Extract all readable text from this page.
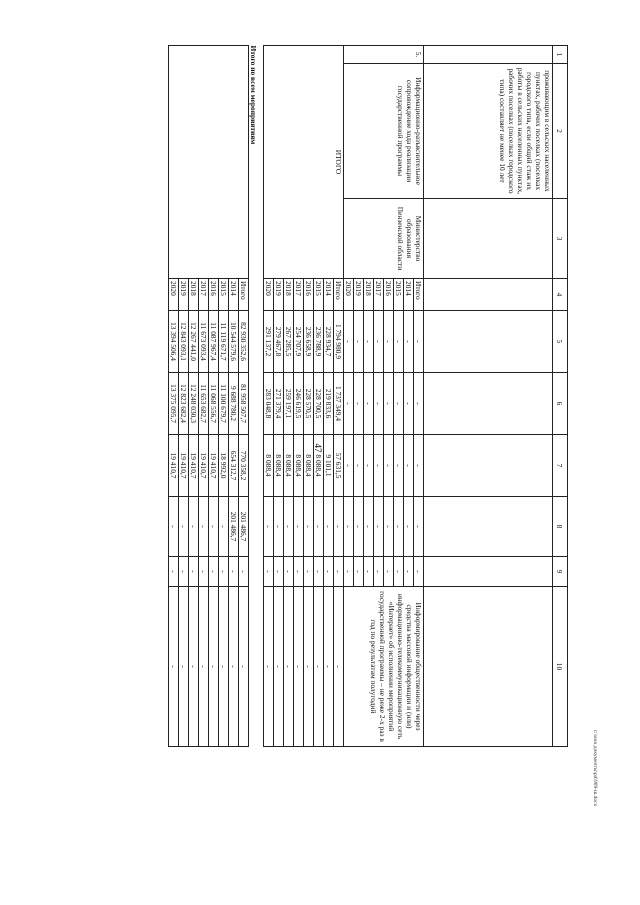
47
c:\мои документы\pd\909-ш.docx
1	2	3	4	5	6	7	8	9	10
	проживающим в сельских населенных пунктах, рабочих поселках (поселках городского типа, если общий стаж их работы в сельских населенных пунктах, рабочих поселках (поселках городского типа) составляет не менее 10 лет								
5.	Информационно-разъяснительное сопровождение хода реализации государственной программы	Министерство образования Пензенской области	Итого	-	-	-	-	-	Информирование общественности через средства массовой информации и (или) информационно-телекоммуникационную сеть «Интернет» об исполнении мероприятий государственной программы – не реже 2-х раз в год по результатам полугодий
			2014	-	-	-	-	-	
			2015	-	-	-	-	-	
			2016	-	-	-	-	-	
			2017	-	-	-	-	-	
			2018	-	-	-	-	-	
			2019	-	-	-	-	-	
			2020	-	-	-	-	-	
ИТОГО			Итого	1 794 980,9	1 737 349,4	57 631,5	-	-	-
			2014	228 934,7	219 833,6	9 101,1	-	-	-
			2015	236 788,9	228 700,5	8 088,4	-	-	-
			2016	236 658,9	228 570,5	8 088,4	-	-	-
			2017	254 707,9	246 619,5	8 088,4	-	-	-
			2018	267 285,5	259 197,1	8 088,4	-	-	-
			2019	279 467,8	271 379,4	8 088,4	-	-	-
			2020	291 137,2	283 048,8	8 088,4	-	-	-
Итого по всем мероприятиям									
			Итого	82 930 352,6	81 958 507,7	770 358,2	201 486,7	-	-
			2014	10 544 579,6	9 688 780,2	654 312,7	201 486,7	-	-
			2015	11 119 671,7	11 100 679,7	18 992,0	-	-	-
			2016	11 087 967,4	11 068 556,7	19 410,7	-	-	-
			2017	11 673 093,4	11 653 682,7	19 410,7	-	-	-
			2018	12 267 441,0	12 248 030,3	19 410,7	-	-	-
			2019	12 843 093,1	12 823 682,4	19 410,7	-	-	-
			2020	13 394 506,4	13 375 095,7	19 410,7	-	-	-
